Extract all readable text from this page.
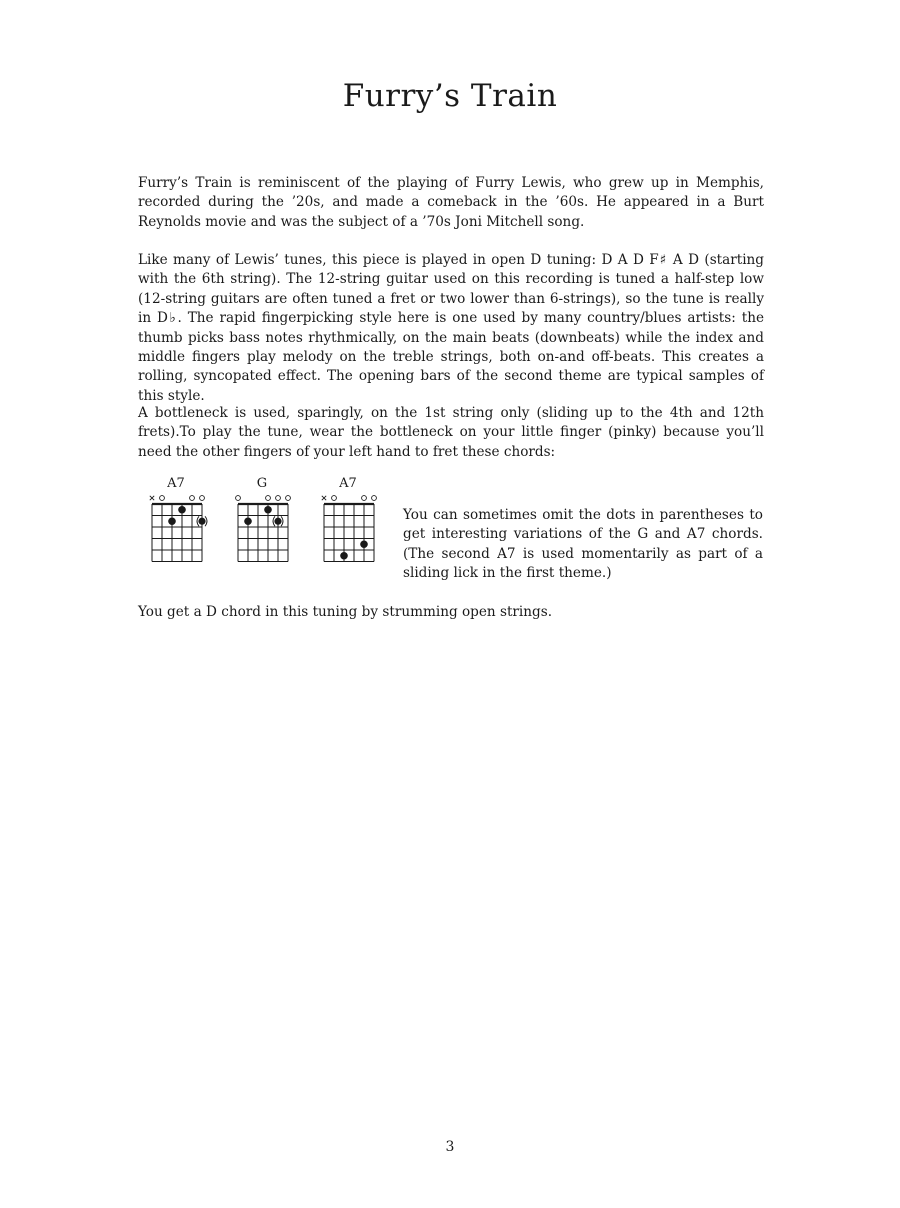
Furry’s Train

Furry’s Train is reminiscent of the playing of Furry Lewis, who grew up in Memphis, recorded during the ’20s, and made a comeback in the ’60s. He appeared in a Burt Reynolds movie and was the subject of a ’70s Joni Mitchell song.

Like many of Lewis’ tunes, this piece is played in open D tuning: D A D F♯ A D (starting with the 6th string). The 12-string guitar used on this recording is tuned a half-step low (12-string guitars are often tuned a fret or two lower than 6-strings), so the tune is really in D♭. The rapid fingerpicking style here is one used by many country/blues artists: the thumb picks bass notes rhythmically, on the main beats (downbeats) while the index and middle fingers play melody on the treble strings, both on-and off-beats. This creates a rolling, syncopated effect. The opening bars of the second theme are typical samples of this style.

A bottleneck is used, sparingly, on the 1st string only (sliding up to the 4th and 12th frets).To play the tune, wear the bottleneck on your little finger (pinky) because you’ll need the other fingers of your left hand to fret these chords:

A7	G	A7

You can sometimes omit the dots in parentheses to get interesting variations of the G and A7 chords. (The second A7 is used momentarily as part of a sliding lick in the first theme.)

You get a D chord in this tuning by strumming open strings.

3
